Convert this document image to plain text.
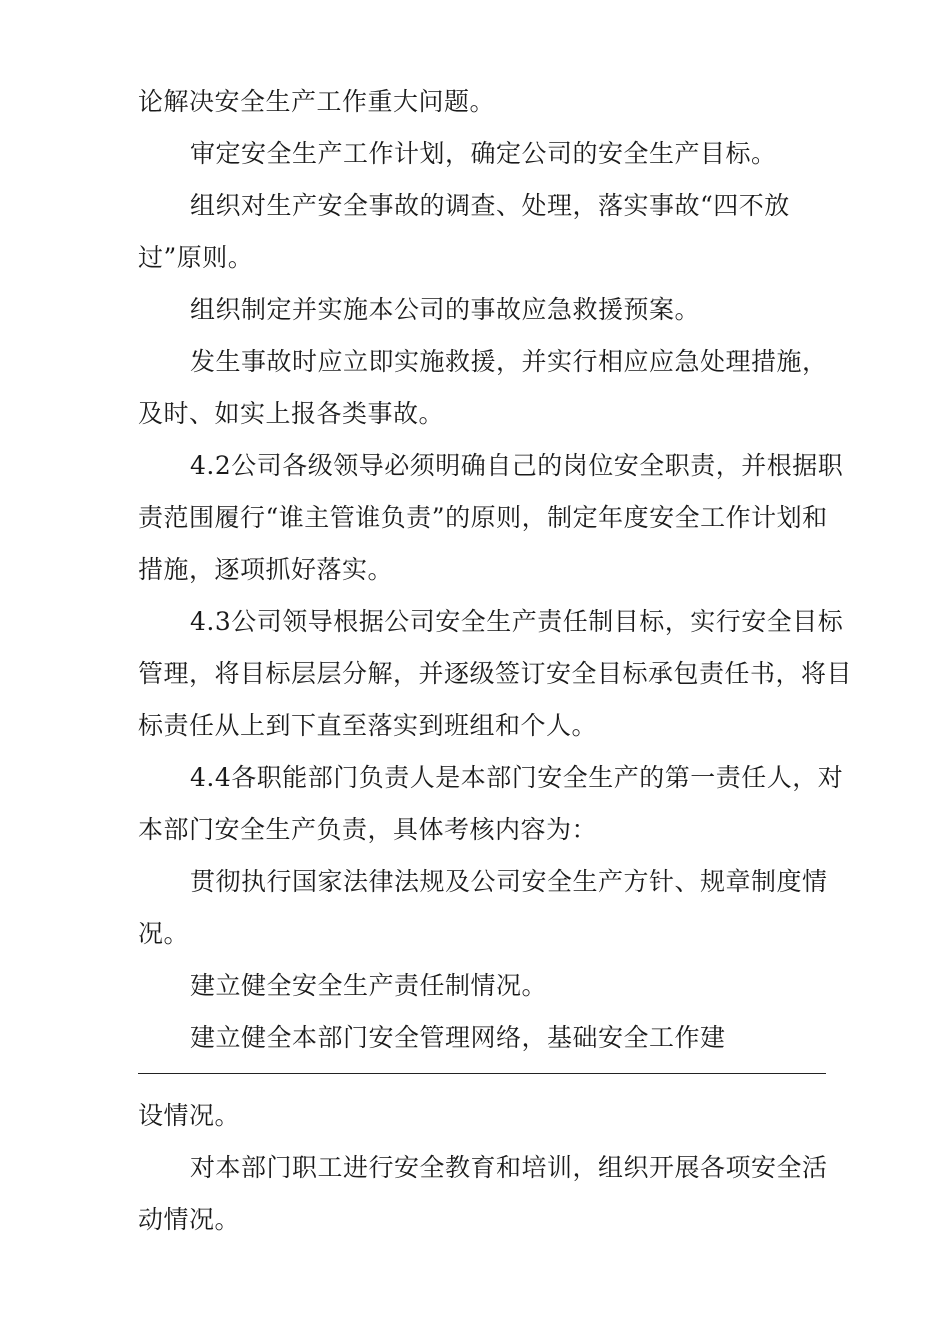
论解决安全生产工作重大问题。

审定安全生产工作计划，确定公司的安全生产目标。

组织对生产安全事故的调查、处理，落实事故“四不放

过”原则。

组织制定并实施本公司的事故应急救援预案。

发生事故时应立即实施救援，并实行相应应急处理措施，

及时、如实上报各类事故。

4.2公司各级领导必须明确自己的岗位安全职责，并根据职

责范围履行“谁主管谁负责”的原则，制定年度安全工作计划和

措施，逐项抓好落实。

4.3公司领导根据公司安全生产责任制目标，实行安全目标

管理，将目标层层分解，并逐级签订安全目标承包责任书，将目

标责任从上到下直至落实到班组和个人。

4.4各职能部门负责人是本部门安全生产的第一责任人，对

本部门安全生产负责，具体考核内容为：

贯彻执行国家法律法规及公司安全生产方针、规章制度情

况。

建立健全安全生产责任制情况。

建立健全本部门安全管理网络，基础安全工作建

设情况。

对本部门职工进行安全教育和培训，组织开展各项安全活

动情况。
